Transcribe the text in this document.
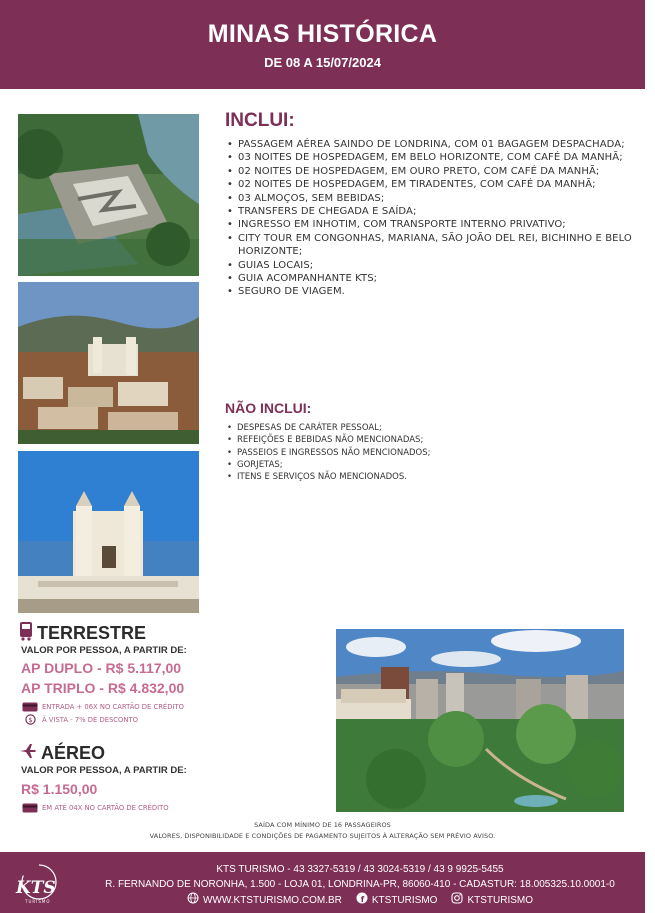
MINAS HISTÓRICA
DE 08 A 15/07/2024
INCLUI:
• PASSAGEM AÉREA SAINDO DE LONDRINA, COM 01 BAGAGEM DESPACHADA;
• 03 NOITES DE HOSPEDAGEM, EM BELO HORIZONTE, COM CAFÉ DA MANHÃ;
• 02 NOITES DE HOSPEDAGEM, EM OURO PRETO, COM CAFÉ DA MANHÃ;
• 02 NOITES DE HOSPEDAGEM, EM TIRADENTES, COM CAFÉ DA MANHÃ;
• 03 ALMOÇOS, SEM BEBIDAS;
• TRANSFERS DE CHEGADA E SAÍDA;
• INGRESSO EM INHOTIM, COM TRANSPORTE INTERNO PRIVATIVO;
• CITY TOUR EM CONGONHAS, MARIANA, SÃO JOÃO DEL REI, BICHINHO E BELO HORIZONTE;
• GUIAS LOCAIS;
• GUIA ACOMPANHANTE KTS;
• SEGURO DE VIAGEM.
NÃO INCLUI:
• DESPESAS DE CARÁTER PESSOAL;
• REFEIÇÕES E BEBIDAS NÃO MENCIONADAS;
• PASSEIOS E INGRESSOS NÃO MENCIONADOS;
• GORJETAS;
• ITENS E SERVIÇOS NÃO MENCIONADOS.
TERRESTRE
VALOR POR PESSOA, A PARTIR DE:
AP DUPLO - R$ 5.117,00
AP TRIPLO - R$ 4.832,00
ENTRADA + 06X NO CARTÃO DE CRÉDITO
$ À VISTA - 7% DE DESCONTO
AÉREO
VALOR POR PESSOA, A PARTIR DE:
R$ 1.150,00
EM ATÉ 04X NO CARTÃO DE CRÉDITO
SAÍDA COM MÍNIMO DE 16 PASSAGEIROS
VALORES, DISPONIBILIDADE E CONDIÇÕES DE PAGAMENTO SUJEITOS À ALTERAÇÃO SEM PRÉVIO AVISO.
KTS
TURISMO
KTS TURISMO - 43 3327-5319 / 43 3024-5319 / 43 9 9925-5455
R. FERNANDO DE NORONHA, 1.500 - LOJA 01, LONDRINA-PR, 86060-410 - CADASTUR: 18.005325.10.0001-0
WWW.KTSTURISMO.COM.BR f KTSTURISMO	KTSTURISMO
